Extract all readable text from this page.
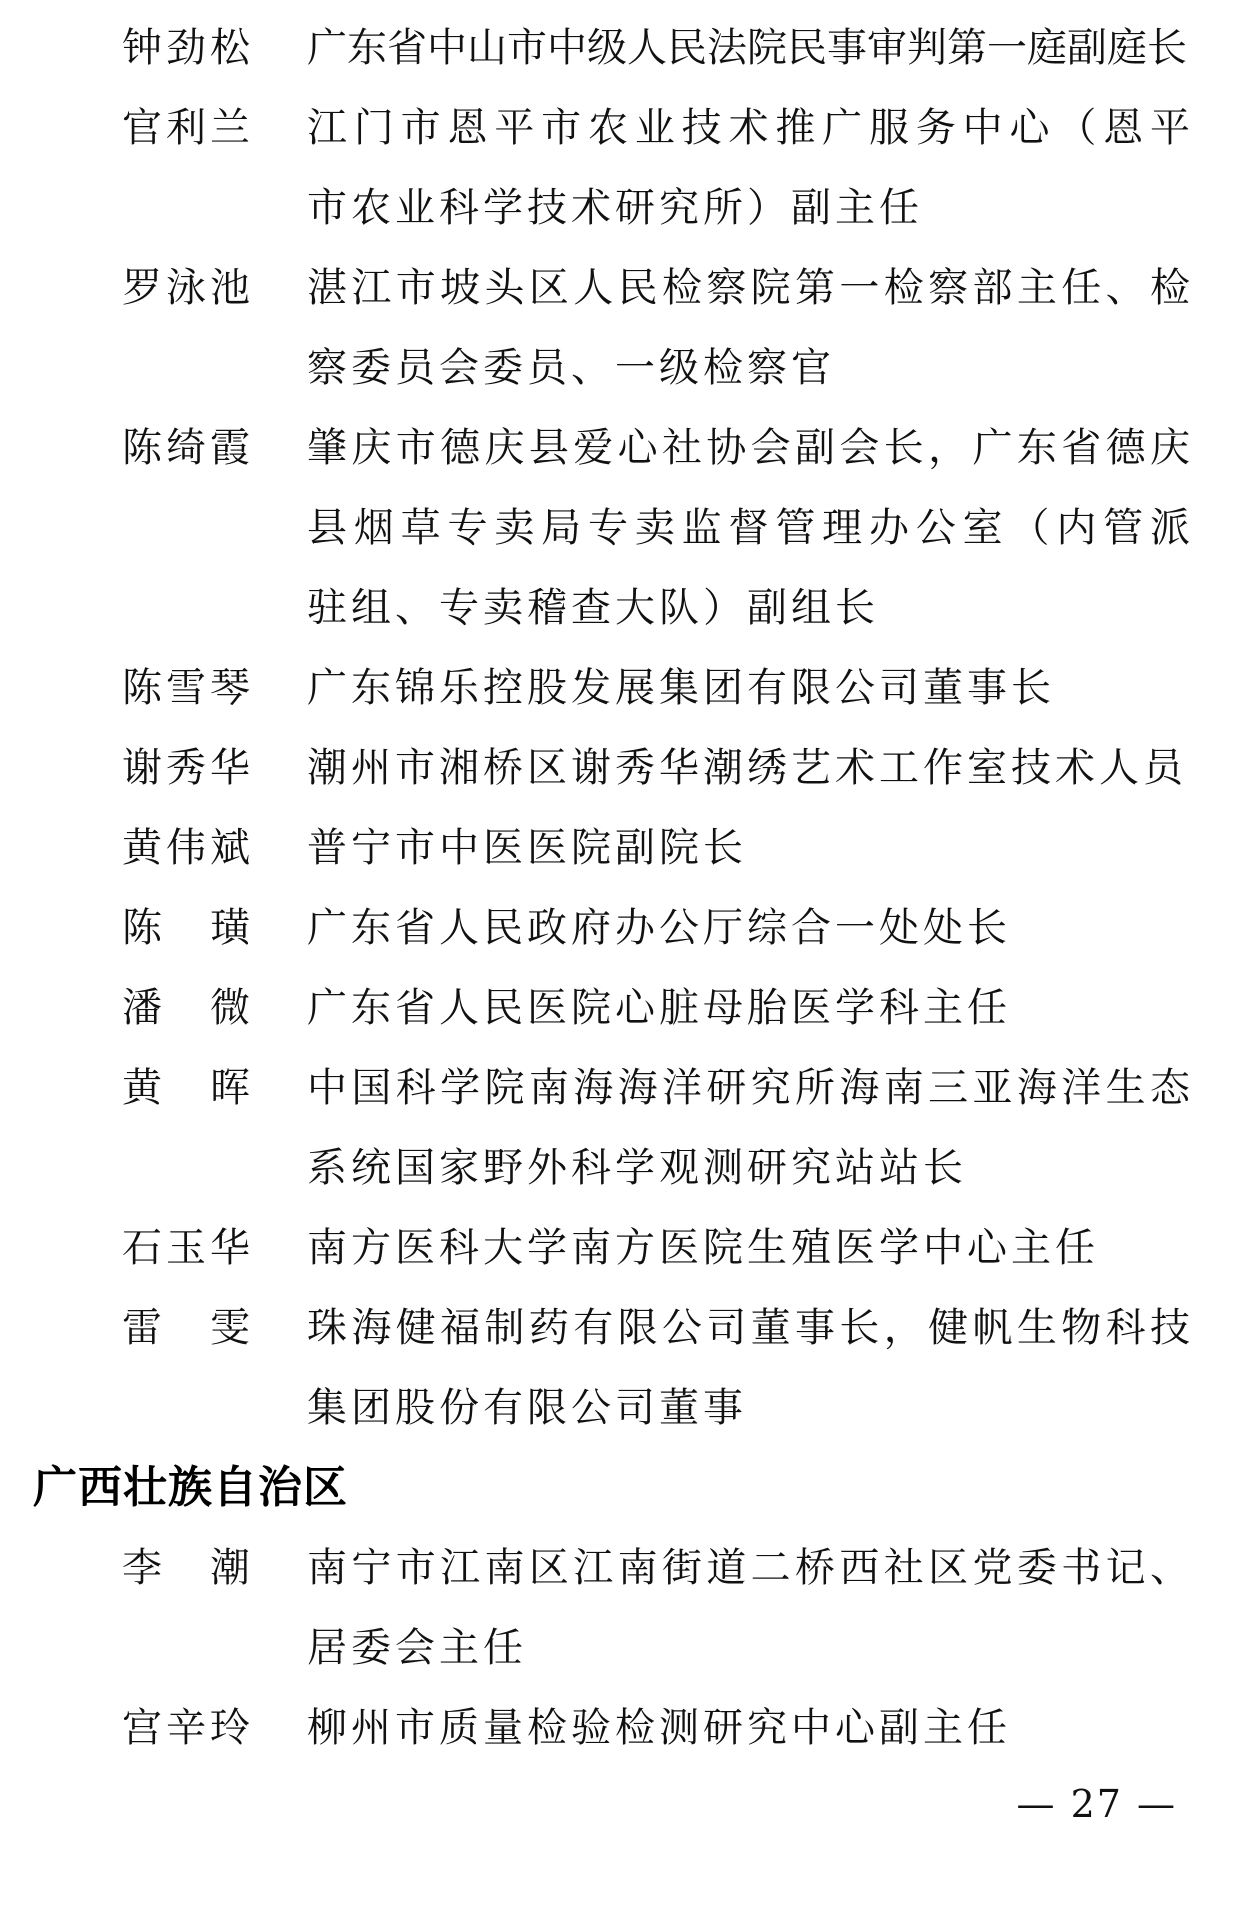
钟劲松 广东省中山市中级人民法院民事审判第一庭副庭长
官利兰 江门市恩平市农业技术推广服务中心（恩平
市农业科学技术研究所）副主任
罗泳池 湛江市坡头区人民检察院第一检察部主任、检
察委员会委员、一级检察官
陈绮霞 肇庆市德庆县爱心社协会副会长，广东省德庆
县烟草专卖局专卖监督管理办公室（内管派
驻组、专卖稽查大队）副组长
陈雪琴 广东锦乐控股发展集团有限公司董事长
谢秀华 潮州市湘桥区谢秀华潮绣艺术工作室技术人员
黄伟斌 普宁市中医医院副院长
陈　璜 广东省人民政府办公厅综合一处处长
潘　微 广东省人民医院心脏母胎医学科主任
黄　晖 中国科学院南海海洋研究所海南三亚海洋生态
系统国家野外科学观测研究站站长
石玉华 南方医科大学南方医院生殖医学中心主任
雷　雯 珠海健福制药有限公司董事长，健帆生物科技
集团股份有限公司董事
广西壮族自治区
李　潮 南宁市江南区江南街道二桥西社区党委书记、
居委会主任
宫辛玲 柳州市质量检验检测研究中心副主任
— 27 —
